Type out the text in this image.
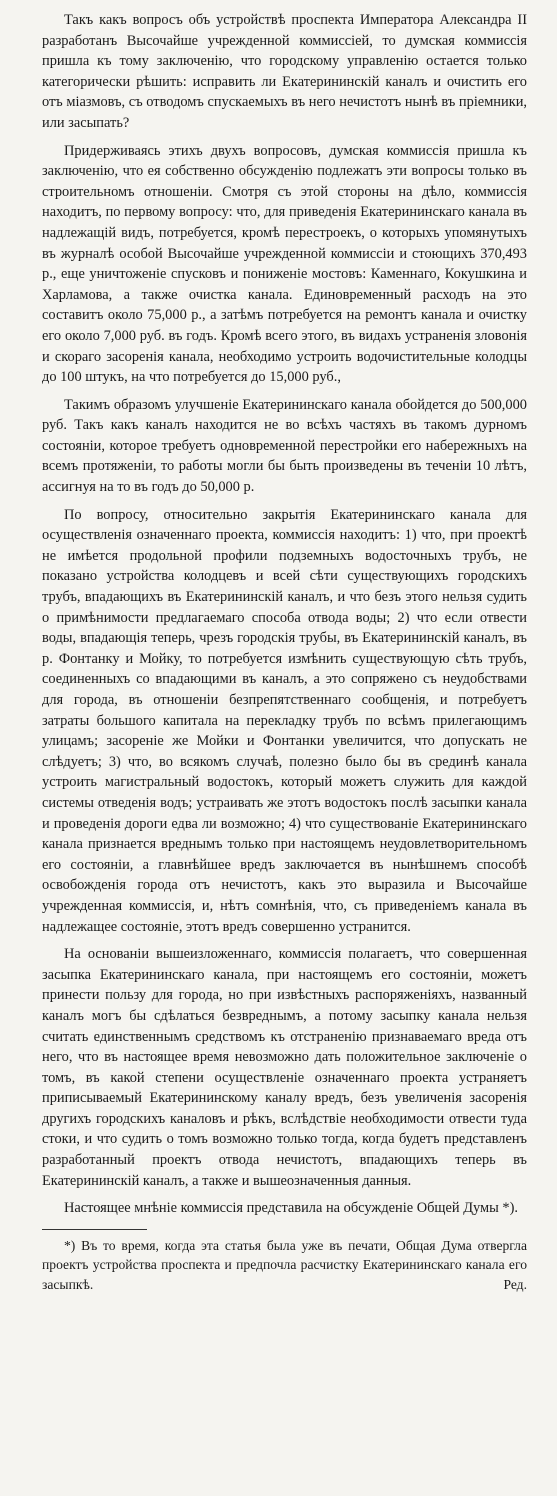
Такъ какъ вопросъ объ устройствѣ проспекта Императора Александра II разработанъ Высочайше учрежденной коммиссіей, то думская коммиссія пришла къ тому заключенію, что городскому управленію остается только категорически рѣшить: исправить ли Екатерининскій каналъ и очистить его отъ міазмовъ, съ отводомъ спускаемыхъ въ него нечистотъ нынѣ въ пріемники, или засыпать?

Придерживаясь этихъ двухъ вопросовъ, думская коммиссія пришла къ заключенію, что ея собственно обсужденію подлежатъ эти вопросы только въ строительномъ отношеніи. Смотря съ этой стороны на дѣло, коммиссія находитъ, по первому вопросу: что, для приведенія Екатерининскаго канала въ надлежащій видъ, потребуется, кромѣ перестроекъ, о которыхъ упомянутыхъ въ журналѣ особой Высочайше учрежденной коммиссіи и стоющихъ 370,493 р., еще уничтоженіе спусковъ и пониженіе мостовъ: Каменнаго, Кокушкина и Харламова, а также очистка канала. Единовременный расходъ на это составитъ около 75,000 р., а затѣмъ потребуется на ремонтъ канала и очистку его около 7,000 руб. въ годъ. Кромѣ всего этого, въ видахъ устраненія зловонія и скораго засоренія канала, необходимо устроить водочистительные колодцы до 100 штукъ, на что потребуется до 15,000 руб.,

Такимъ образомъ улучшеніе Екатерининскаго канала обойдется до 500,000 руб. Такъ какъ каналъ находится не во всѣхъ частяхъ въ такомъ дурномъ состояніи, которое требуетъ одновременной перестройки его набережныхъ на всемъ протяженіи, то работы могли бы быть произведены въ теченіи 10 лѣтъ, ассигнуя на то въ годъ до 50,000 р.

По вопросу, относительно закрытія Екатерининскаго канала для осуществленія означеннаго проекта, коммиссія находитъ: 1) что, при проектѣ не имѣется продольной профили подземныхъ водосточныхъ трубъ, не показано устройства колодцевъ и всей сѣти существующихъ городскихъ трубъ, впадающихъ въ Екатерининскій каналъ, и что безъ этого нельзя судить о примѣнимости предлагаемаго способа отвода воды; 2) что если отвести воды, впадающія теперь, чрезъ городскія трубы, въ Екатерининскій каналъ, въ р. Фонтанку и Мойку, то потребуется измѣнить существующую сѣть трубъ, соединенныхъ со впадающими въ каналъ, а это сопряжено съ неудобствами для города, въ отношеніи безпрепятственнаго сообщенія, и потребуетъ затраты большого капитала на перекладку трубъ по всѣмъ прилегающимъ улицамъ; засореніе же Мойки и Фонтанки увеличится, что допускать не слѣдуетъ; 3) что, во всякомъ случаѣ, полезно было бы въ срединѣ канала устроить магистральный водостокъ, который можетъ служить для каждой системы отведенія водъ; устраивать же этотъ водостокъ послѣ засыпки канала и проведенія дороги едва ли возможно; 4) что существованіе Екатерининскаго канала признается вреднымъ только при настоящемъ неудовлетворительномъ его состояніи, а главнѣйшее вредъ заключается въ нынѣшнемъ способѣ освобожденія города отъ нечистотъ, какъ это выразила и Высочайше учрежденная коммиссія, и, нѣтъ сомнѣнія, что, съ приведеніемъ канала въ надлежащее состояніе, этотъ вредъ совершенно устранится.

На основаніи вышеизложеннаго, коммиссія полагаетъ, что совершенная засыпка Екатерининскаго канала, при настоящемъ его состояніи, можетъ принести пользу для города, но при извѣстныхъ распоряженіяхъ, названный каналъ могъ бы сдѣлаться безвреднымъ, а потому засыпку канала нельзя считать единственнымъ средствомъ къ отстраненію признаваемаго вреда отъ него, что въ настоящее время невозможно дать положительное заключеніе о томъ, въ какой степени осуществленіе означеннаго проекта устраняетъ приписываемый Екатерининскому каналу вредъ, безъ увеличенія засоренія другихъ городскихъ каналовъ и рѣкъ, вслѣдствіе необходимости отвести туда стоки, и что судить о томъ возможно только тогда, когда будетъ представленъ разработанный проектъ отвода нечистотъ, впадающихъ теперь въ Екатерининскій каналъ, а также и вышеозначенныя данныя.

Настоящее мнѣніе коммиссія представила на обсужденіе Общей Думы *).

*) Въ то время, когда эта статья была уже въ печати, Общая Дума отвергла проектъ устройства проспекта и предпочла расчистку Екатерининскаго канала его засыпкѣ.	Ред.
